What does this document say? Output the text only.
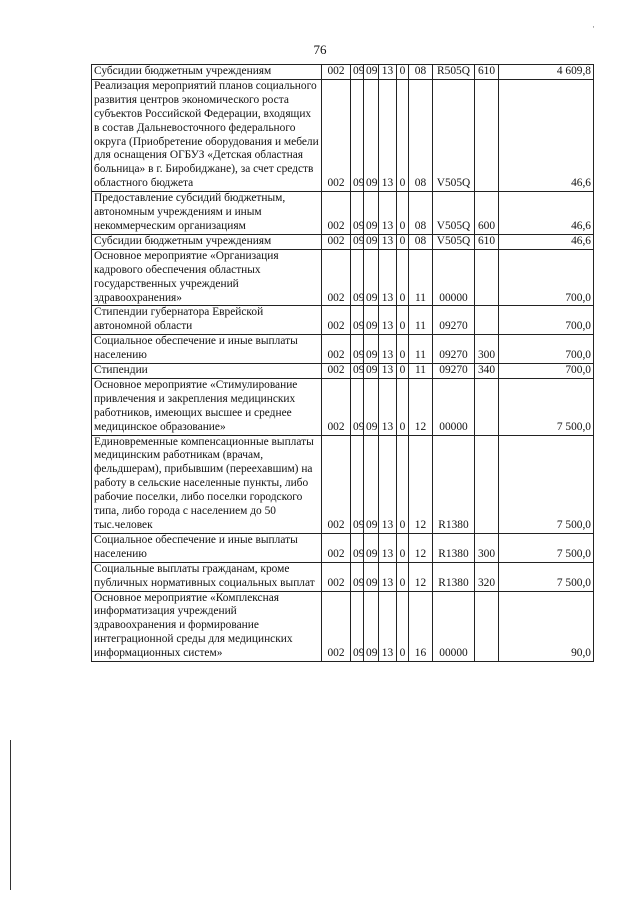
76
·
Субсидии бюджетным учреждениям	002	09	09	13	0	08	R505Q	610	4 609,8
Реализация мероприятий планов социального развития центров экономического роста субъектов Российской Федерации, входящих в состав Дальневосточного федерального округа (Приобретение оборудования и мебели для оснащения ОГБУЗ «Детская областная больница» в г. Биробиджане), за счет средств областного бюджета	002	09	09	13	0	08	V505Q		46,6
Предоставление субсидий бюджетным, автономным учреждениям и иным некоммерческим организациям	002	09	09	13	0	08	V505Q	600	46,6
Субсидии бюджетным учреждениям	002	09	09	13	0	08	V505Q	610	46,6
Основное мероприятие «Организация кадрового обеспечения областных государственных учреждений здравоохранения»	002	09	09	13	0	11	00000		700,0
Стипендии губернатора Еврейской автономной области	002	09	09	13	0	11	09270		700,0
Социальное обеспечение и иные выплаты населению	002	09	09	13	0	11	09270	300	700,0
Стипендии	002	09	09	13	0	11	09270	340	700,0
Основное мероприятие «Стимулирование привлечения и закрепления медицинских работников, имеющих высшее и среднее медицинское образование»	002	09	09	13	0	12	00000		7 500,0
Единовременные компенсационные выплаты медицинским работникам (врачам, фельдшерам), прибывшим (переехавшим) на работу в сельские населенные пункты, либо рабочие поселки, либо поселки городского типа, либо города с населением до 50 тыс.человек	002	09	09	13	0	12	R1380		7 500,0
Социальное обеспечение и иные выплаты населению	002	09	09	13	0	12	R1380	300	7 500,0
Социальные выплаты гражданам, кроме публичных нормативных социальных выплат	002	09	09	13	0	12	R1380	320	7 500,0
Основное мероприятие «Комплексная информатизация учреждений здравоохранения и формирование интеграционной среды для медицинских информационных систем»	002	09	09	13	0	16	00000		90,0
